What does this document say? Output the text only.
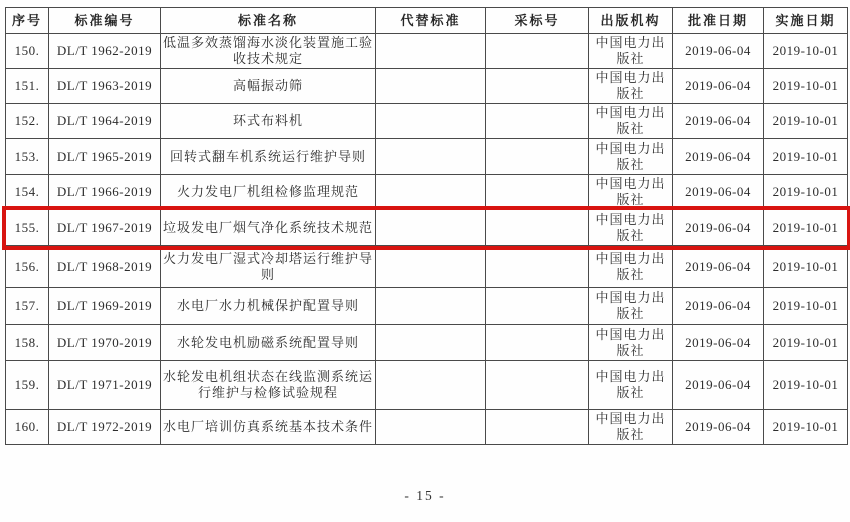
序号	标准编号	标准名称	代替标准	采标号	出版机构	批准日期	实施日期
150.	DL/T 1962-2019	低温多效蒸馏海水淡化装置施工验收技术规定			中国电力出版社	2019-06-04	2019-10-01
151.	DL/T 1963-2019	高幅振动筛			中国电力出版社	2019-06-04	2019-10-01
152.	DL/T 1964-2019	环式布料机			中国电力出版社	2019-06-04	2019-10-01
153.	DL/T 1965-2019	回转式翻车机系统运行维护导则			中国电力出版社	2019-06-04	2019-10-01
154.	DL/T 1966-2019	火力发电厂机组检修监理规范			中国电力出版社	2019-06-04	2019-10-01
155.	DL/T 1967-2019	垃圾发电厂烟气净化系统技术规范			中国电力出版社	2019-06-04	2019-10-01
156.	DL/T 1968-2019	火力发电厂湿式冷却塔运行维护导则			中国电力出版社	2019-06-04	2019-10-01
157.	DL/T 1969-2019	水电厂水力机械保护配置导则			中国电力出版社	2019-06-04	2019-10-01
158.	DL/T 1970-2019	水轮发电机励磁系统配置导则			中国电力出版社	2019-06-04	2019-10-01
159.	DL/T 1971-2019	水轮发电机组状态在线监测系统运行维护与检修试验规程			中国电力出版社	2019-06-04	2019-10-01
160.	DL/T 1972-2019	水电厂培训仿真系统基本技术条件			中国电力出版社	2019-06-04	2019-10-01
- 15 -
